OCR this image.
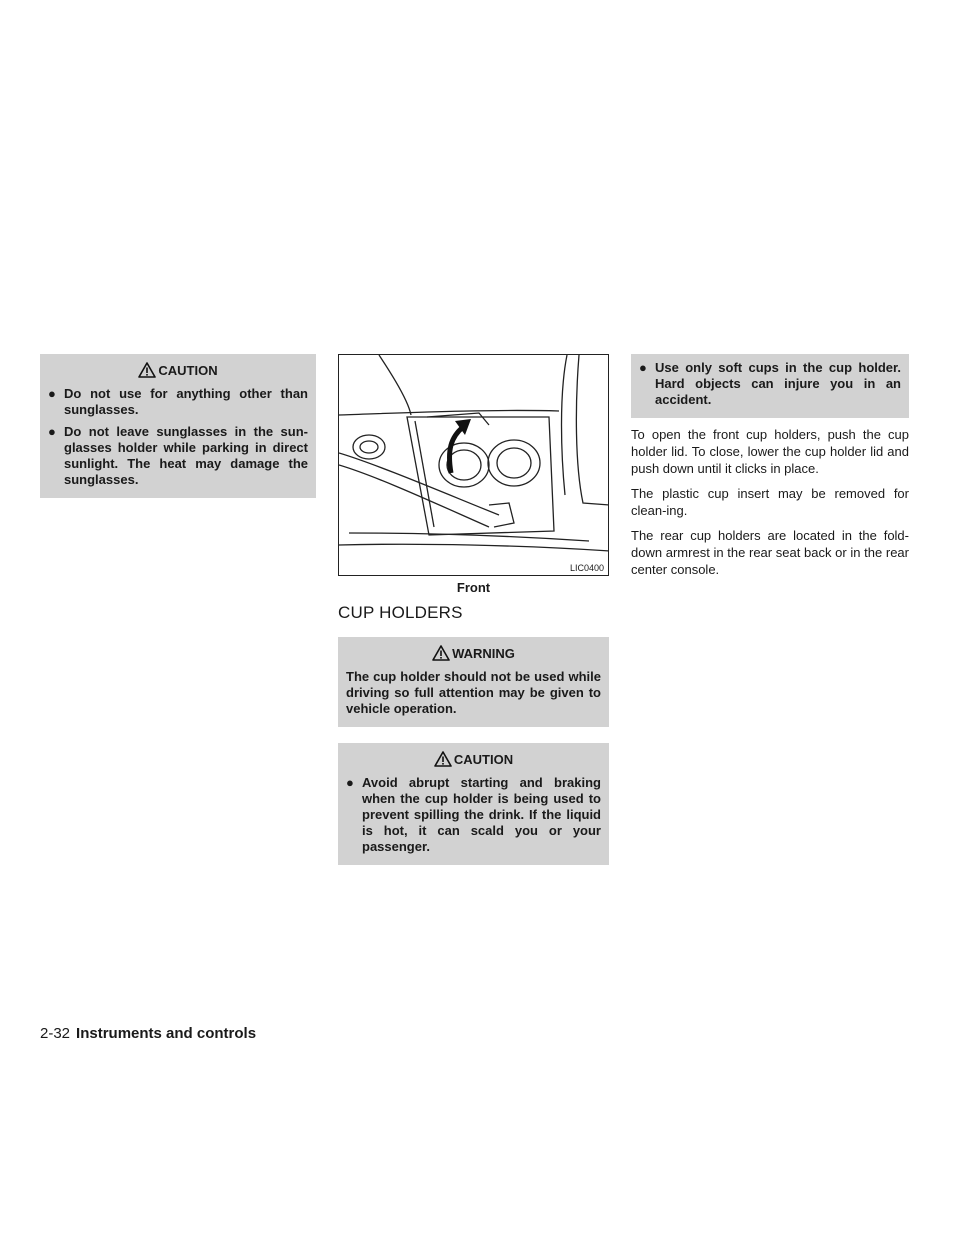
CAUTION
● Do not use for anything other than sunglasses.
● Do not leave sunglasses in the sun-glasses holder while parking in direct sunlight. The heat may damage the sunglasses.
LIC0400
Front
CUP HOLDERS
WARNING

The cup holder should not be used while driving so full attention may be given to vehicle operation.

CAUTION
● Avoid abrupt starting and braking when the cup holder is being used to prevent spilling the drink. If the liquid is hot, it can scald you or your passenger.
● Use only soft cups in the cup holder. Hard objects can injure you in an accident.

To open the front cup holders, push the cup holder lid. To close, lower the cup holder lid and push down until it clicks in place.

The plastic cup insert may be removed for clean-ing.

The rear cup holders are located in the fold-down armrest in the rear seat back or in the rear center console.

2-32 Instruments and controls
